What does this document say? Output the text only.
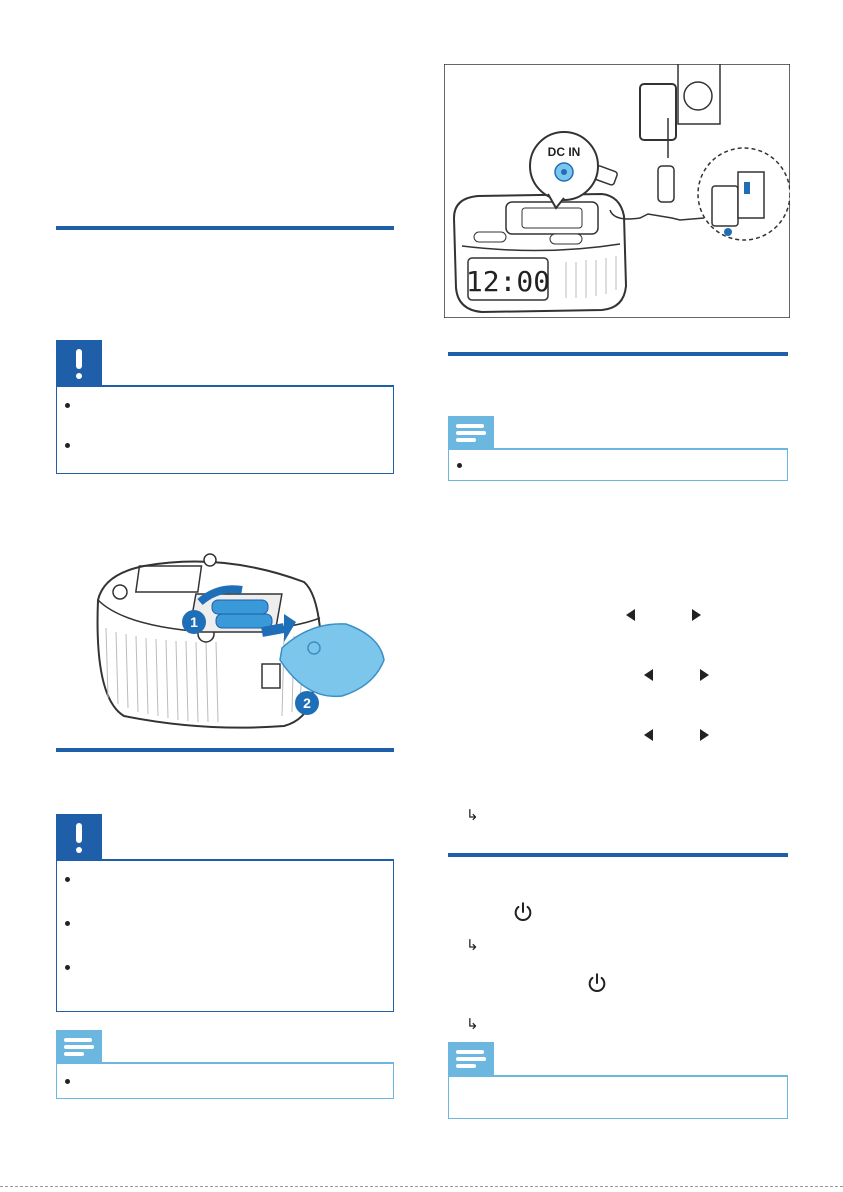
1
2
12:00
DC IN
↳
↳
↳
